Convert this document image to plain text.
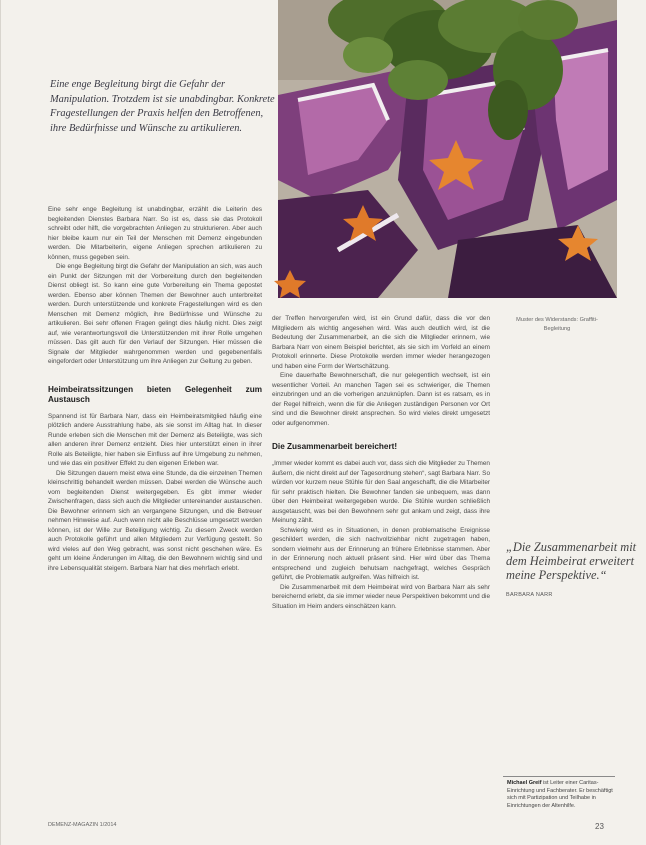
Eine enge Begleitung birgt die Gefahr der Manipulation. Trotzdem ist sie unabdingbar. Konkrete Fragestellungen der Praxis helfen den Betroffenen, ihre Bedürfnisse und Wünsche zu artikulieren.

Eine sehr enge Begleitung ist unabdingbar, erzählt die Leiterin des begleitenden Dienstes Barbara Narr. So ist es, dass sie das Protokoll schreibt oder hilft, die vorgebrachten Anliegen zu strukturieren. Aber auch hier bleibe kaum nur ein Teil der Menschen mit Demenz eingebunden werden. Die Mitarbeiterin, eigene Anliegen sprechen artikulieren zu können, muss gegeben sein.

Die enge Begleitung birgt die Gefahr der Manipulation an sich, was auch ein Punkt der Sitzungen mit der Vorbereitung durch den begleitenden Dienst obliegt ist. So kann eine gute Vorbereitung ein Thema gepostet werden. Ebenso aber können Themen der Bewohner auch unterbreitet werden. Durch unterstützende und konkrete Fragestellungen wird es den Menschen mit Demenz möglich, ihre Bedürfnisse und Wünsche zu artikulieren. Bei sehr offenen Fragen gelingt dies häufig nicht. Dies zeigt auf, wie verantwortungsvoll die Unterstützenden mit ihrer Rolle umgehen müssen. Das gilt auch für den Verlauf der Sitzungen. Hier müssen die Signale der Mitglieder wahrgenommen werden und gegebenenfalls eingefordert oder Unterstützung um ihre Anliegen zur Geltung zu geben.

Heimbeiratssitzungen bieten Gelegenheit zum Austausch

Spannend ist für Barbara Narr, dass ein Heimbeiratsmitglied häufig eine plötzlich andere Ausstrahlung habe, als sie sonst im Alltag hat. In dieser Runde erleben sich die Menschen mit der Demenz als Beteiligte, was sich allen anderen ihrer Demenz entzieht. Dies hier unterstützt einen in ihrer Rolle als Beteiligte, hier haben sie Einfluss auf ihre Umgebung zu nehmen, und wie das ein positiver Effekt zu den eigenen Erleben war.

Die Sitzungen dauern meist etwa eine Stunde, da die einzelnen Themen kleinschrittig behandelt werden müssen. Dabei werden die Wünsche auch vom begleitenden Dienst weitergegeben. Es gibt immer wieder Zwischenfragen, dass sich auch die Mitglieder untereinander austauschen. Die Bewohner erinnern sich an vergangene Sitzungen, und die Betreuer nehmen Hinweise auf. Auch wenn nicht alle Beschlüsse umgesetzt werden können, ist der Wille zur Beteiligung wichtig. Zu diesem Zweck werden auch Protokolle geführt und allen Mitgliedern zur Verfügung gestellt. So wird vieles auf den Weg gebracht, was sonst nicht geschehen wäre. Es geht um kleine Änderungen im Alltag, die den Bewohnern wichtig sind und ihre Lebensqualität steigern. Barbara Narr hat dies mehrfach erlebt.

der Treffen hervorgerufen wird, ist ein Grund dafür, dass die vor den Mitgliedern als wichtig angesehen wird. Was auch deutlich wird, ist die Bedeutung der Zusammenarbeit, an die sich die Mitglieder erinnern, wie Barbara Narr von einem Beispiel berichtet, als sie sich im Vorfeld an einem Protokoll erinnerte. Diese Protokolle werden immer wieder herangezogen und haben eine Form der Wertschätzung.

Eine dauerhafte Bewohnerschaft, die nur gelegentlich wechselt, ist ein wesentlicher Vorteil. An manchen Tagen sei es schwieriger, die Themen einzubringen und an die vorherigen anzuknüpfen. Dann ist es ratsam, es in der Regel hilfreich, wenn die für die Anliegen zuständigen Personen vor Ort sind und die Bewohner direkt ansprechen. So wird vieles direkt umgesetzt oder aufgenommen.

Die Zusammenarbeit bereichert!

„Immer wieder kommt es dabei auch vor, dass sich die Mitglieder zu Themen äußern, die nicht direkt auf der Tagesordnung stehen“, sagt Barbara Narr. So würden vor kurzem neue Stühle für den Saal angeschafft, die die Mitarbeiter für sehr praktisch hielten. Die Bewohner fanden sie unbequem, was dann über den Heimbeirat weitergegeben wurde. Die Stühle wurden schließlich ausgetauscht, was bei den Bewohnern sehr gut ankam und zeigt, dass ihre Meinung zählt.

Schwierig wird es in Situationen, in denen problematische Ereignisse geschildert werden, die sich nachvollziehbar nicht zugetragen haben, sondern vielmehr aus der Erinnerung an frühere Erlebnisse stammen. Aber in der Erinnerung noch aktuell präsent sind. Hier wird über das Thema entsprechend und zugleich behutsam nachgefragt, welches Gespräch geführt, die Problematik aufgreifen. Was hilfreich ist.

Die Zusammenarbeit mit dem Heimbeirat wird von Barbara Narr als sehr bereichernd erlebt, da sie immer wieder neue Perspektiven bekommt und die Situation im Heim anders einschätzen kann.

Muster des Widerstands: Graffiti-Begleitung
„Die Zusammenarbeit mit dem Heimbeirat erweitert meine Perspektive.“
BARBARA NARR
Michael Greif ist Leiter einer Caritas-Einrichtung und Fachberater. Er beschäftigt sich mit Partizipation und Teilhabe in Einrichtungen der Altenhilfe.
DEMENZ-MAGAZIN 1/2014	23
